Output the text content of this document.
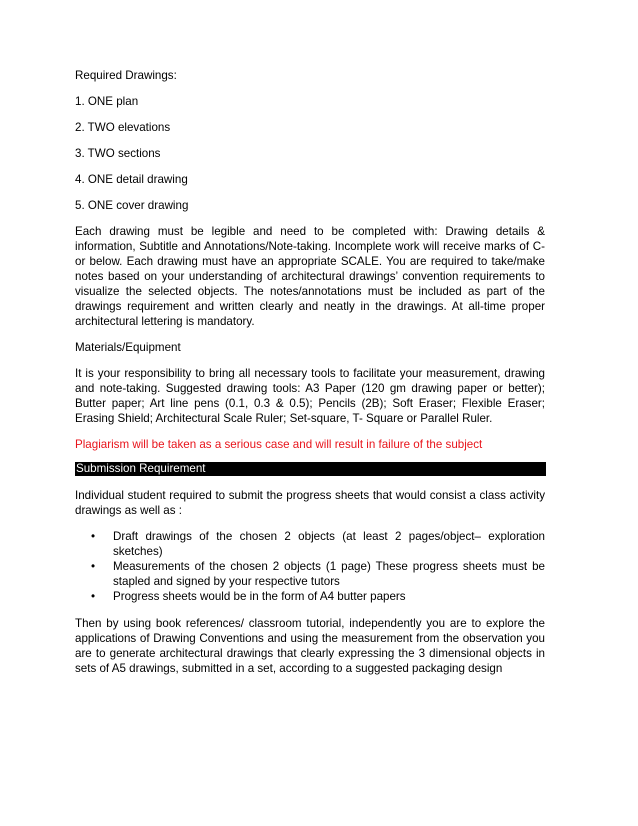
Required Drawings:

1. ONE plan

2. TWO elevations

3. TWO sections

4. ONE detail drawing

5. ONE cover drawing

Each drawing must be legible and need to be completed with: Drawing details & information, Subtitle and Annotations/Note-taking. Incomplete work will receive marks of C- or below. Each drawing must have an appropriate SCALE. You are required to take/make notes based on your understanding of architectural drawings’ convention requirements to visualize the selected objects. The notes/annotations must be included as part of the drawings requirement and written clearly and neatly in the drawings. At all-time proper architectural lettering is mandatory.

Materials/Equipment

It is your responsibility to bring all necessary tools to facilitate your measurement, drawing and note-taking. Suggested drawing tools: A3 Paper (120 gm drawing paper or better); Butter paper; Art line pens (0.1, 0.3 & 0.5); Pencils (2B); Soft Eraser; Flexible Eraser; Erasing Shield; Architectural Scale Ruler; Set-square, T- Square or Parallel Ruler.

Plagiarism will be taken as a serious case and will result in failure of the subject

Submission Requirement

Individual student required to submit the progress sheets that would consist a class activity drawings as well as :

• Draft drawings of the chosen 2 objects (at least 2 pages/object– exploration sketches)
• Measurements of the chosen 2 objects (1 page) These progress sheets must be stapled and signed by your respective tutors
• Progress sheets would be in the form of A4 butter papers

Then by using book references/ classroom tutorial, independently you are to explore the applications of Drawing Conventions and using the measurement from the observation you are to generate architectural drawings that clearly expressing the 3 dimensional objects in sets of A5 drawings, submitted in a set, according to a suggested packaging design
